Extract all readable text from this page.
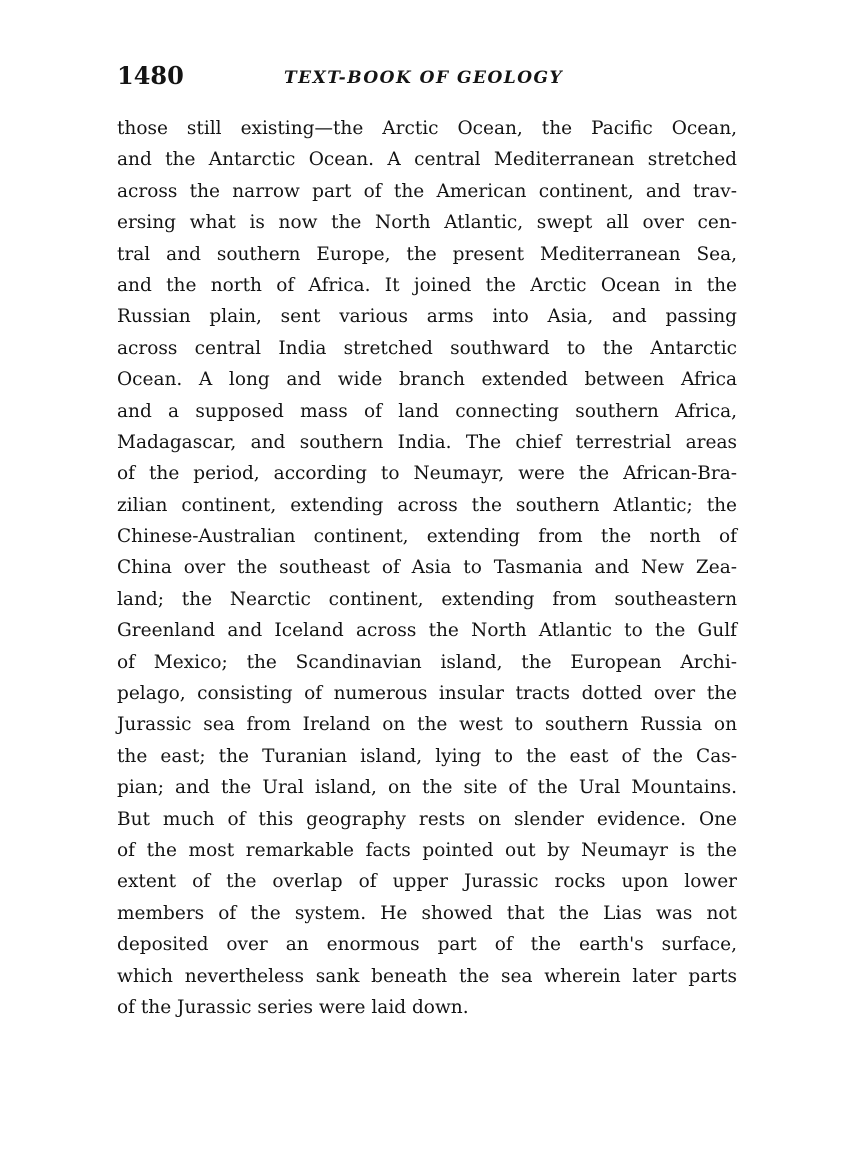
1480	TEXT-BOOK OF GEOLOGY
those still existing—the Arctic Ocean, the Pacific Ocean,
and the Antarctic Ocean. A central Mediterranean stretched
across the narrow part of the American continent, and trav-
ersing what is now the North Atlantic, swept all over cen-
tral and southern Europe, the present Mediterranean Sea,
and the north of Africa. It joined the Arctic Ocean in the
Russian plain, sent various arms into Asia, and passing
across central India stretched southward to the Antarctic
Ocean. A long and wide branch extended between Africa
and a supposed mass of land connecting southern Africa,
Madagascar, and southern India. The chief terrestrial areas
of the period, according to Neumayr, were the African-Bra-
zilian continent, extending across the southern Atlantic; the
Chinese-Australian continent, extending from the north of
China over the southeast of Asia to Tasmania and New Zea-
land; the Nearctic continent, extending from southeastern
Greenland and Iceland across the North Atlantic to the Gulf
of Mexico; the Scandinavian island, the European Archi-
pelago, consisting of numerous insular tracts dotted over the
Jurassic sea from Ireland on the west to southern Russia on
the east; the Turanian island, lying to the east of the Cas-
pian; and the Ural island, on the site of the Ural Mountains.
But much of this geography rests on slender evidence. One
of the most remarkable facts pointed out by Neumayr is the
extent of the overlap of upper Jurassic rocks upon lower
members of the system. He showed that the Lias was not
deposited over an enormous part of the earth's surface,
which nevertheless sank beneath the sea wherein later parts
of the Jurassic series were laid down.
